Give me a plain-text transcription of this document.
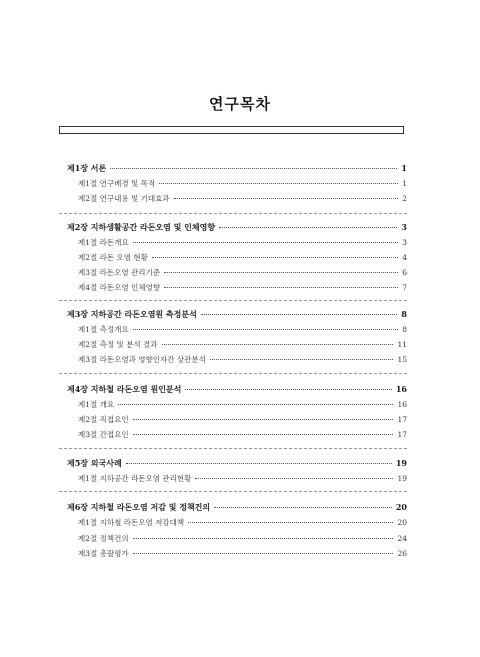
연구목차
제1장 서론	1
제1절 연구배경 및 목적	1
제2절 연구내용 및 기대효과	2
제2장 지하생활공간 라돈오염 및 인체영향	3
제1절 라돈개요	3
제2절 라돈 오염 현황	4
제3절 라돈오염 관리기준	6
제4절 라돈오염 인체영향	7
제3장 지하공간 라돈오염원 측정분석	8
제1절 측정개요	8
제2절 측정 및 분석 결과	11
제3절 라돈오염과 영향인자간 상관분석	15
제4장 지하철 라돈오염 원인분석	16
제1절 개요	16
제2절 직접요인	17
제3절 간접요인	17
제5장 외국사례	19
제1절 지하공간 라돈오염 관리현황	19
제6장 지하철 라돈오염 저감 및 정책건의	20
제1절 지하철 라돈오염 저감대책	20
제2절 정책건의	24
제3절 총괄평가	26
